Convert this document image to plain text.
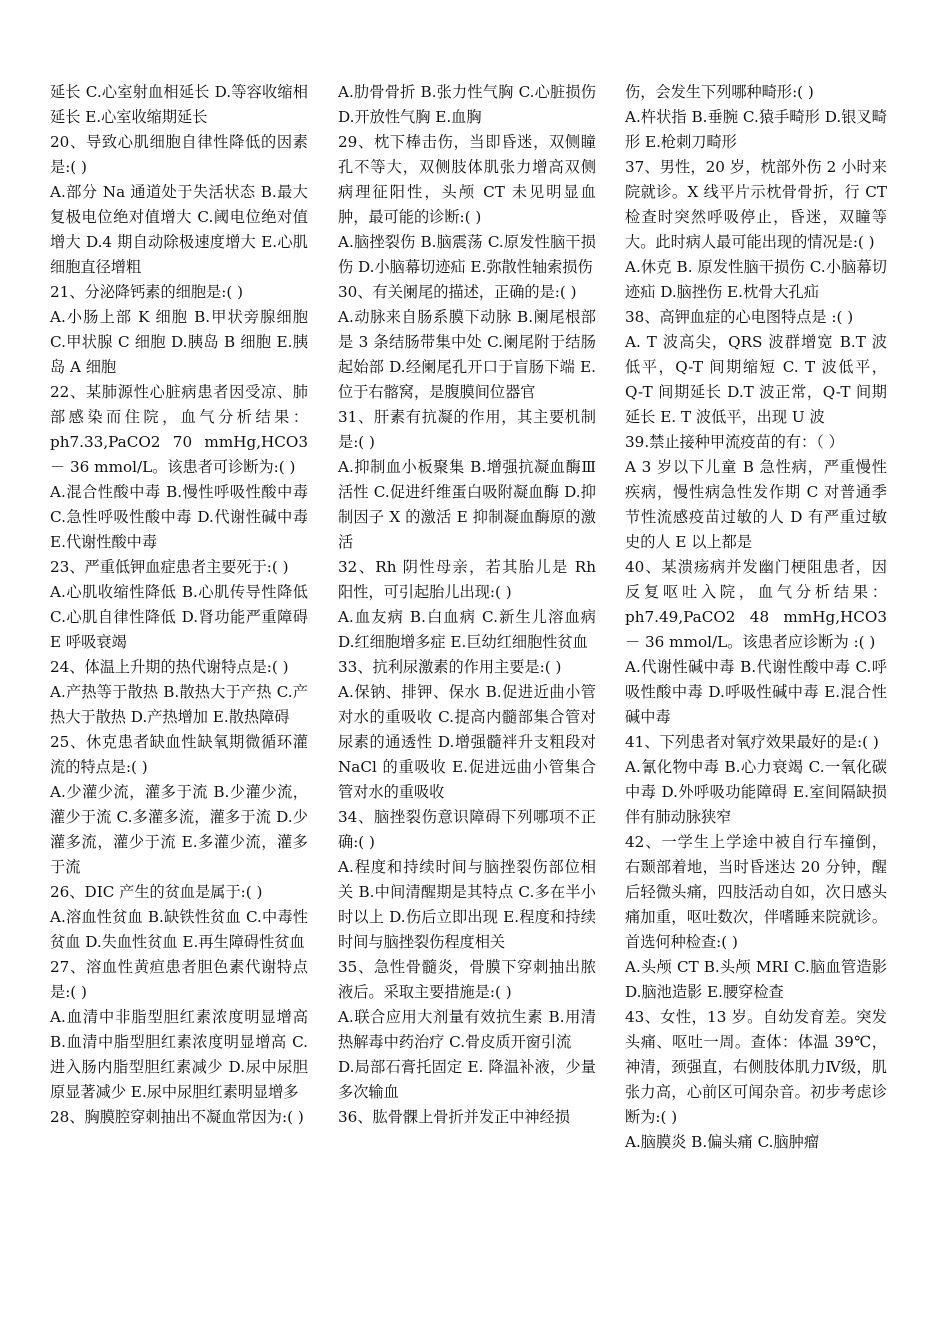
延长 C.心室射血相延长 D.等容收缩相延长 E.心室收缩期延长

20、导致心肌细胞自律性降低的因素是:( )

A.部分 Na 通道处于失活状态 B.最大复极电位绝对值增大 C.阈电位绝对值增大 D.4 期自动除极速度增大 E.心肌细胞直径增粗

21、分泌降钙素的细胞是:( )

A.小肠上部 K 细胞 B.甲状旁腺细胞 C.甲状腺 C 细胞 D.胰岛 B 细胞 E.胰岛 A 细胞

22、某肺源性心脏病患者因受凉、肺部感染而住院，血气分析结果：ph7.33,PaCO2 70 mmHg,HCO3 － 36 mmol/L。该患者可诊断为:( )

A.混合性酸中毒 B.慢性呼吸性酸中毒 C.急性呼吸性酸中毒 D.代谢性碱中毒 E.代谢性酸中毒

23、严重低钾血症患者主要死于:( )

A.心肌收缩性降低 B.心肌传导性降低 C.心肌自律性降低 D.肾功能严重障碍 E 呼吸衰竭

24、体温上升期的热代谢特点是:( )

A.产热等于散热 B.散热大于产热 C.产热大于散热 D.产热增加 E.散热障碍

25、休克患者缺血性缺氧期微循环灌流的特点是:( )

A.少灌少流，灌多于流 B.少灌少流，灌少于流 C.多灌多流，灌多于流 D.少灌多流，灌少于流 E.多灌少流，灌多于流

26、DIC 产生的贫血是属于:( )

A.溶血性贫血 B.缺铁性贫血 C.中毒性贫血 D.失血性贫血 E.再生障碍性贫血

27、溶血性黄疸患者胆色素代谢特点是:( )

A.血清中非脂型胆红素浓度明显增高 B.血清中脂型胆红素浓度明显增高 C.进入肠内脂型胆红素减少 D.尿中尿胆原显著减少 E.尿中尿胆红素明显增多

28、胸膜腔穿刺抽出不凝血常因为:( )

A.肋骨骨折 B.张力性气胸 C.心脏损伤 D.开放性气胸 E.血胸

29、枕下棒击伤，当即昏迷，双侧瞳孔不等大，双侧肢体肌张力增高双侧病理征阳性，头颅 CT 未见明显血肿，最可能的诊断:( )

A.脑挫裂伤 B.脑震荡 C.原发性脑干损伤 D.小脑幕切迹疝 E.弥散性轴索损伤

30、有关阑尾的描述，正确的是:( )

A.动脉来自肠系膜下动脉 B.阑尾根部是 3 条结肠带集中处 C.阑尾附于结肠起始部 D.经阑尾孔开口于盲肠下端 E.位于右髂窝，是腹膜间位器官

31、肝素有抗凝的作用，其主要机制是:( )

A.抑制血小板聚集 B.增强抗凝血酶Ⅲ活性 C.促进纤维蛋白吸附凝血酶 D.抑制因子 X 的激活 E 抑制凝血酶原的激活

32、Rh 阴性母亲，若其胎儿是 Rh 阳性，可引起胎儿出现:( )

A.血友病 B.白血病 C.新生儿溶血病 D.红细胞增多症 E.巨幼红细胞性贫血

33、抗利尿激素的作用主要是:( )

A.保钠、排钾、保水 B.促进近曲小管对水的重吸收 C.提高内髓部集合管对尿素的通透性 D.增强髓袢升支粗段对 NaCl 的重吸收 E.促进远曲小管集合管对水的重吸收

34、脑挫裂伤意识障碍下列哪项不正确:( )

A.程度和持续时间与脑挫裂伤部位相关 B.中间清醒期是其特点 C.多在半小时以上 D.伤后立即出现 E.程度和持续时间与脑挫裂伤程度相关

35、急性骨髓炎，骨膜下穿刺抽出脓液后。采取主要措施是:( )

A.联合应用大剂量有效抗生素 B.用清热解毒中药治疗 C.骨皮质开窗引流

D.局部石膏托固定 E. 降温补液，少量多次输血

36、肱骨髁上骨折并发正中神经损

伤，会发生下列哪种畸形:( )

A.杵状指 B.垂腕 C.猿手畸形 D.银叉畸形 E.枪刺刀畸形

37、男性，20 岁，枕部外伤 2 小时来院就诊。X 线平片示枕骨骨折，行 CT 检查时突然呼吸停止，昏迷，双瞳等大。此时病人最可能出现的情况是:( )

A.休克 B. 原发性脑干损伤 C.小脑幕切迹疝 D.脑挫伤 E.枕骨大孔疝

38、高钾血症的心电图特点是 :( )

A. T 波高尖，QRS 波群增宽 B.T 波低平，Q-T 间期缩短 C. T 波低平， Q-T 间期延长 D.T 波正常，Q-T 间期延长 E. T 波低平，出现 U 波

39.禁止接种甲流疫苗的有：（ ）

A 3 岁以下儿童 B 急性病，严重慢性疾病，慢性病急性发作期 C 对普通季节性流感疫苗过敏的人 D 有严重过敏史的人 E 以上都是

40、某溃疡病并发幽门梗阻患者，因反复呕吐入院，血气分析结果：ph7.49,PaCO2 48 mmHg,HCO3 － 36 mmol/L。该患者应诊断为 :( )

A.代谢性碱中毒 B.代谢性酸中毒 C.呼吸性酸中毒 D.呼吸性碱中毒 E.混合性碱中毒

41、下列患者对氧疗效果最好的是:( )

A.氰化物中毒 B.心力衰竭 C.一氧化碳中毒 D.外呼吸功能障碍 E.室间隔缺损伴有肺动脉狭窄

42、一学生上学途中被自行车撞倒，右颞部着地，当时昏迷达 20 分钟，醒后轻微头痛，四肢活动自如，次日感头痛加重，呕吐数次，伴嗜睡来院就诊。首选何种检查:( )

A.头颅 CT B.头颅 MRI C.脑血管造影 D.脑池造影 E.腰穿检查

43、女性，13 岁。自幼发育差。突发头痛、呕吐一周。查体：体温 39℃，神清，颈强直，右侧肢体肌力Ⅳ级，肌张力高，心前区可闻杂音。初步考虑诊断为:( )

A.脑膜炎 B.偏头痛 C.脑肿瘤
